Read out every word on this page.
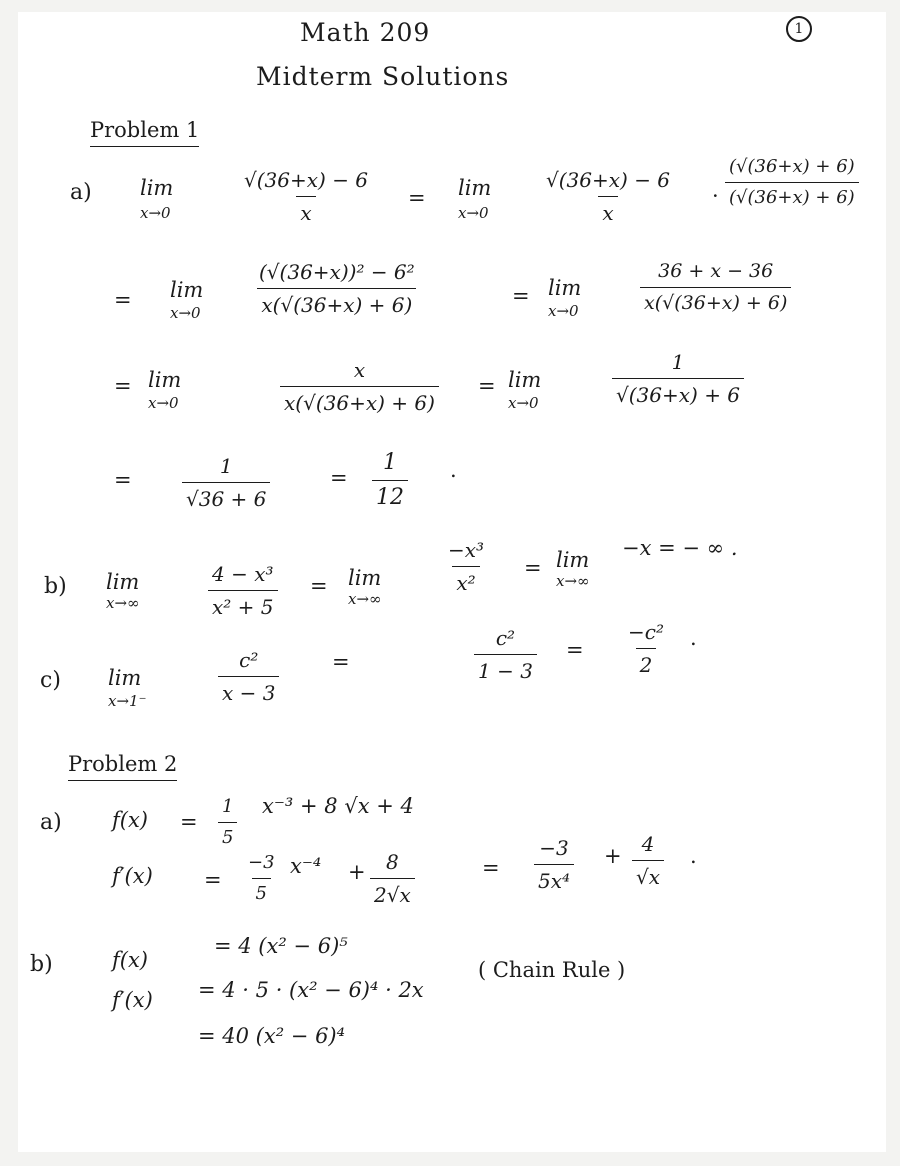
Math 209
Midterm Solutions
1
Problem 1
a) lim
x→0	$\frac{√(36+x) - 6}{x} = \lim$
x→0	$\frac{√(36+x) - 6}{x} \cdot \frac{(√(36+x) + 6)}{(√(36+x) + 6)}$
= lim
x→0	$\frac{\text{(√(36+x))² − 6²}}{x(√(36+x) + 6)}$	= lim
x→0	$\frac{36 + x - 36}{x(√(36+x) + 6)}$
= lim
x→0	$\frac{x}{x(√(36+x) + 6)} = \lim$
x→0	$\frac{1}{√(36+x) + 6}$
=	$\frac{1}{√36 + 6}$	= $\frac{1}{12}$ .
b) lim
x→∞	$\frac{\text{4 − x³}}{\text{x² + 5}} = \lim$
x→∞
$\frac{\text{−x³}}{\text{x²}} = \lim$
x→∞
−x = − ∞ .
c) lim
x→1⁻	$\frac{\text{c²}}{x - 3}$	=	$\frac{\text{c²}}{1 - 3} = \frac{\text{−c²}}{2}$ .
Problem 2
a) $f(x) = \frac{1}{5} x^{-3} + 8$ √x + 4
$f'(x) = \frac{-3}{5} x^{-4} + \frac{8}{2√x}$	= $\frac{-3}{\text{5x⁴}} + \frac{4}{√x}$ .
b)	f(x)
= 4 (x² − 6)⁵
f′(x) = 4 · 5 · (x² − 6)⁴ · 2x
( Chain Rule )
= 40 (x² − 6)⁴
